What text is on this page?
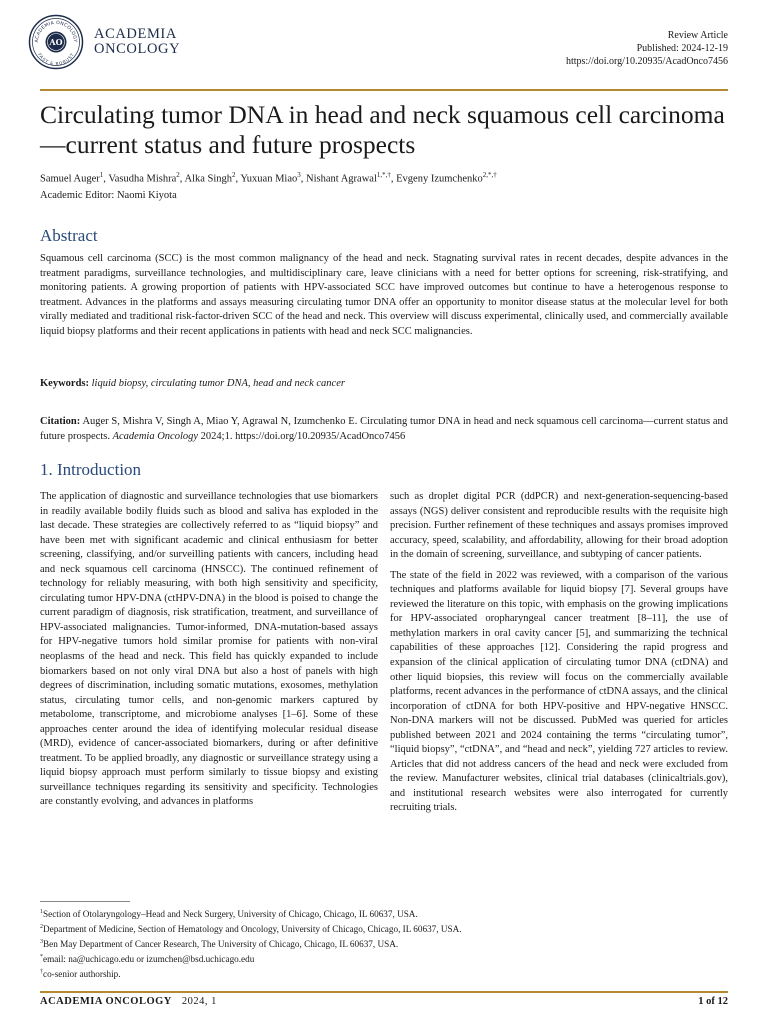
ACADEMIA ONCOLOGY
FAST & ROBUST
AO ACADEMIA
ONCOLOGY
Review Article
Published: 2024-12-19
https://doi.org/10.20935/AcadOnco7456
Circulating tumor DNA in head and neck squamous cell carcinoma—current status and future prospects
Samuel Auger$^1$, Vasudha Mishra$^2$, Alka Singh$^2$, Yuxuan Miao$^3$, Nishant Agrawal$^{1,*,\dagger}$, Evgeny Izumchenko$^{2,*,\dagger}$
Academic Editor: Naomi Kiyota
Abstract

Squamous cell carcinoma (SCC) is the most common malignancy of the head and neck. Stagnating survival rates in recent decades, despite advances in the treatment paradigms, surveillance technologies, and multidisciplinary care, leave clinicians with a need for better options for screening, risk-stratifying, and monitoring patients. A growing proportion of patients with HPV-associated SCC have improved outcomes but continue to have a heterogenous response to treatment. Advances in the platforms and assays measuring circulating tumor DNA offer an opportunity to monitor disease status at the molecular level for both virally mediated and traditional risk-factor-driven SCC of the head and neck. This overview will discuss experimental, clinically used, and commercially available liquid biopsy platforms and their recent applications in patients with head and neck SCC malignancies.

Keywords: liquid biopsy, circulating tumor DNA, head and neck cancer

Citation: Auger S, Mishra V, Singh A, Miao Y, Agrawal N, Izumchenko E. Circulating tumor DNA in head and neck squamous cell carcinoma—current status and future prospects. Academia Oncology 2024;1. https://doi.org/10.20935/AcadOnco7456

1. Introduction

The application of diagnostic and surveillance technologies that use biomarkers in readily available bodily fluids such as blood and saliva has exploded in the last decade. These strategies are collectively referred to as “liquid biopsy” and have been met with significant academic and clinical enthusiasm for better screening, classifying, and/or surveilling patients with cancers, including head and neck squamous cell carcinoma (HNSCC). The continued refinement of technology for reliably measuring, with both high sensitivity and specificity, circulating tumor HPV-DNA (ctHPV-DNA) in the blood is poised to change the current paradigm of diagnosis, risk stratification, treatment, and surveillance of HPV-associated malignancies. Tumor-informed, DNA-mutation-based assays for HPV-negative tumors hold similar promise for patients with non-viral neoplasms of the head and neck. This field has quickly expanded to include biomarkers based on not only viral DNA but also a host of panels with high degrees of discrimination, including somatic mutations, exosomes, methylation status, circulating tumor cells, and non-genomic markers captured by metabolome, transcriptome, and microbiome analyses [1–6]. Some of these approaches center around the idea of identifying molecular residual disease (MRD), evidence of cancer-associated biomarkers, during or after definitive treatment. To be applied broadly, any diagnostic or surveillance strategy using a liquid biopsy approach must perform similarly to tissue biopsy and existing surveillance techniques regarding its sensitivity and specificity. Technologies are constantly evolving, and advances in platforms

such as droplet digital PCR (ddPCR) and next-generation-sequencing-based assays (NGS) deliver consistent and reproducible results with the requisite high precision. Further refinement of these techniques and assays promises improved accuracy, speed, scalability, and affordability, allowing for their broad adoption in the domain of screening, surveillance, and subtyping of cancer patients.

The state of the field in 2022 was reviewed, with a comparison of the various techniques and platforms available for liquid biopsy [7]. Several groups have reviewed the literature on this topic, with emphasis on the growing implications for HPV-associated oropharyngeal cancer treatment [8–11], the use of methylation markers in oral cavity cancer [5], and summarizing the technical capabilities of these approaches [12]. Considering the rapid progress and expansion of the clinical application of circulating tumor DNA (ctDNA) and other liquid biopsies, this review will focus on the commercially available platforms, recent advances in the performance of ctDNA assays, and the clinical incorporation of ctDNA for both HPV-positive and HPV-negative HNSCC. Non-DNA markers will not be discussed. PubMed was queried for articles published between 2021 and 2024 containing the terms “circulating tumor”, “liquid biopsy”, “ctDNA”, and “head and neck”, yielding 727 articles to review. Articles that did not address cancers of the head and neck were excluded from the review. Manufacturer websites, clinical trial databases (clinicaltrials.gov), and institutional research websites were also interrogated for currently recruiting trials.

$^1$Section of Otolaryngology–Head and Neck Surgery, University of Chicago, Chicago, IL 60637, USA.
$^2$Department of Medicine, Section of Hematology and Oncology, University of Chicago, Chicago, IL 60637, USA.
$^3$Ben May Department of Cancer Research, The University of Chicago, Chicago, IL 60637, USA.
*email: na@uchicago.edu or izumchen@bsd.uchicago.edu
†co-senior authorship.
ACADEMIA ONCOLOGY 2024, 1	1 of 12
